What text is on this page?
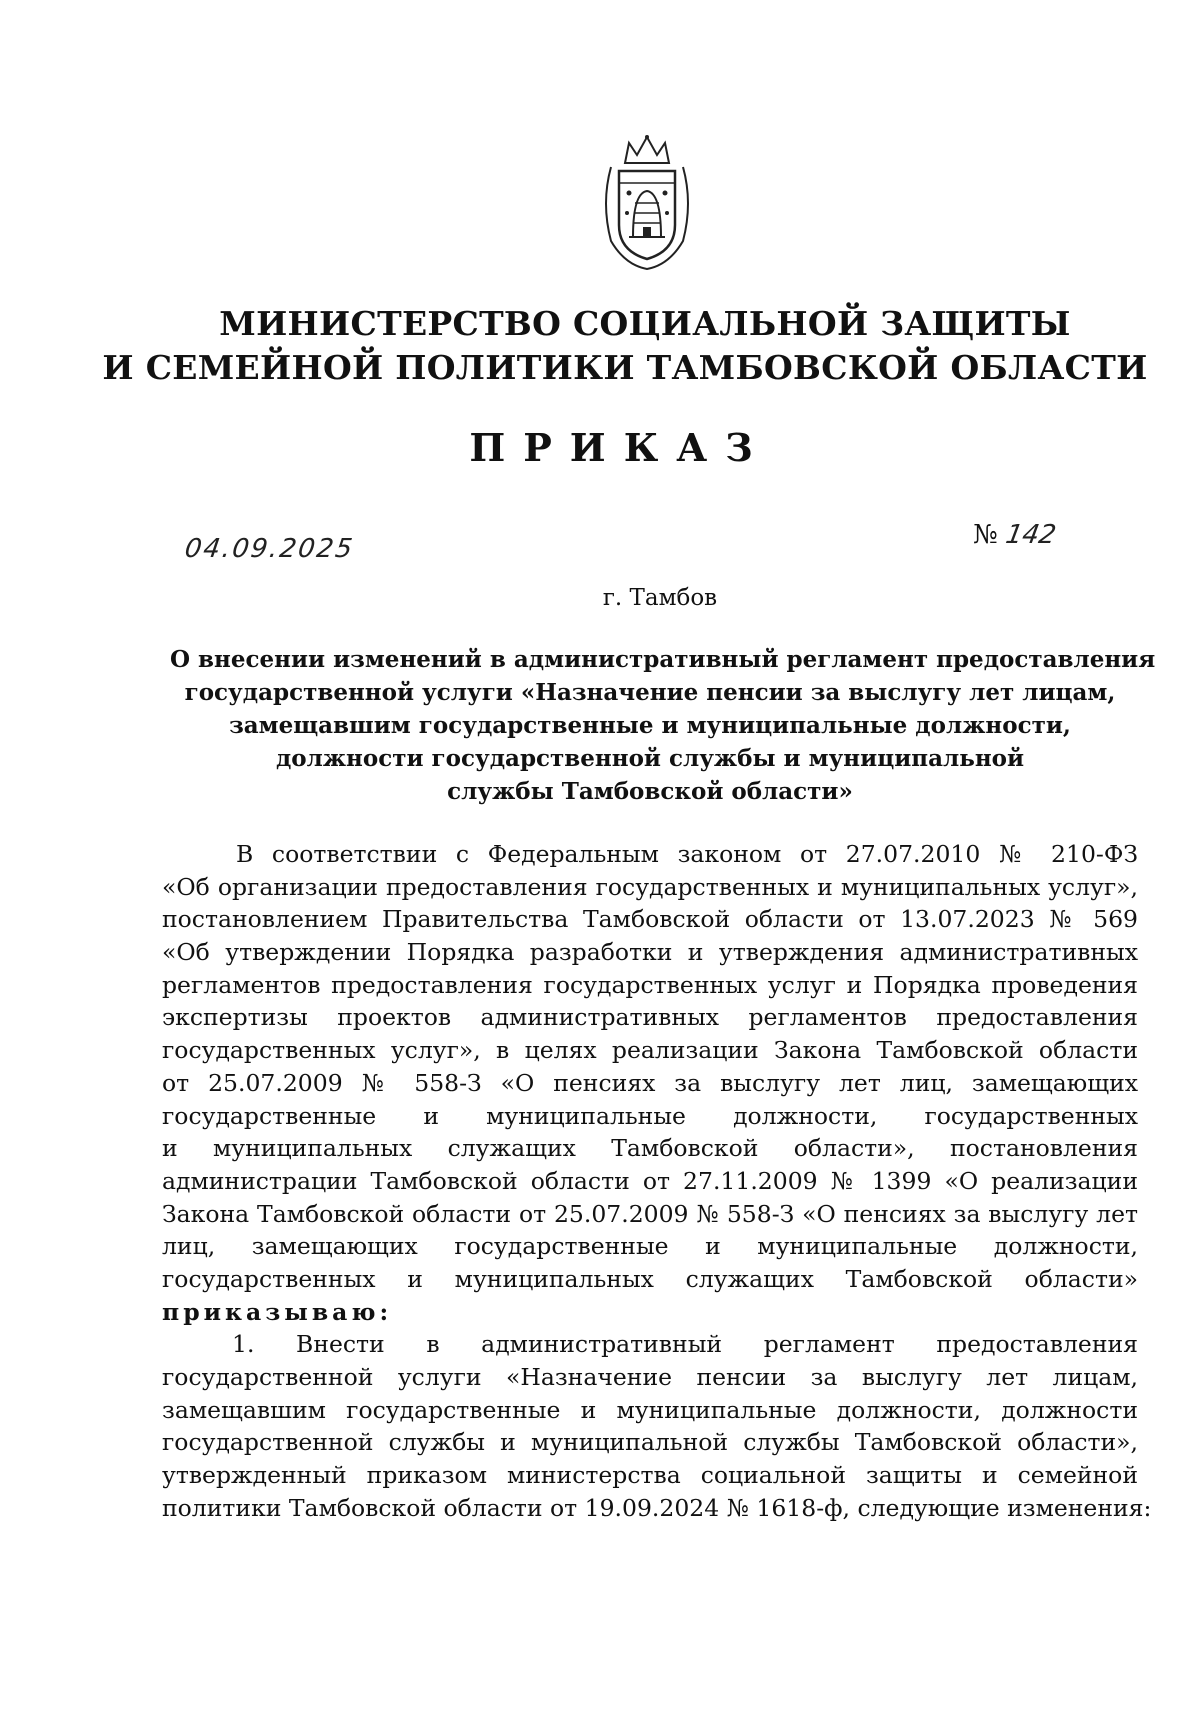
МИНИСТЕРСТВО СОЦИАЛЬНОЙ ЗАЩИТЫ
И СЕМЕЙНОЙ ПОЛИТИКИ ТАМБОВСКОЙ ОБЛАСТИ
ПРИКАЗ
04.09.2025	№ 142
г. Тамбов
О внесении изменений в административный регламент предоставления
государственной услуги «Назначение пенсии за выслугу лет лицам,
замещавшим государственные и муниципальные должности,
должности государственной службы и муниципальной
службы Тамбовской области»
В соответствии с Федеральным законом от 27.07.2010 № 210-ФЗ
«Об организации предоставления государственных и муниципальных услуг»,
постановлением Правительства Тамбовской области от 13.07.2023 № 569
«Об утверждении Порядка разработки и утверждения административных
регламентов предоставления государственных услуг и Порядка проведения
экспертизы проектов административных регламентов предоставления
государственных услуг», в целях реализации Закона Тамбовской области
от 25.07.2009 № 558-З «О пенсиях за выслугу лет лиц, замещающих
государственные и муниципальные должности, государственных
и муниципальных служащих Тамбовской области», постановления
администрации Тамбовской области от 27.11.2009 № 1399 «О реализации
Закона Тамбовской области от 25.07.2009 № 558-З «О пенсиях за выслугу лет
лиц, замещающих государственные и муниципальные должности,
государственных и муниципальных служащих Тамбовской области»
приказываю:
1. Внести в административный регламент предоставления
государственной услуги «Назначение пенсии за выслугу лет лицам,
замещавшим государственные и муниципальные должности, должности
государственной службы и муниципальной службы Тамбовской области»,
утвержденный приказом министерства социальной защиты и семейной
политики Тамбовской области от 19.09.2024 № 1618-ф, следующие изменения:
